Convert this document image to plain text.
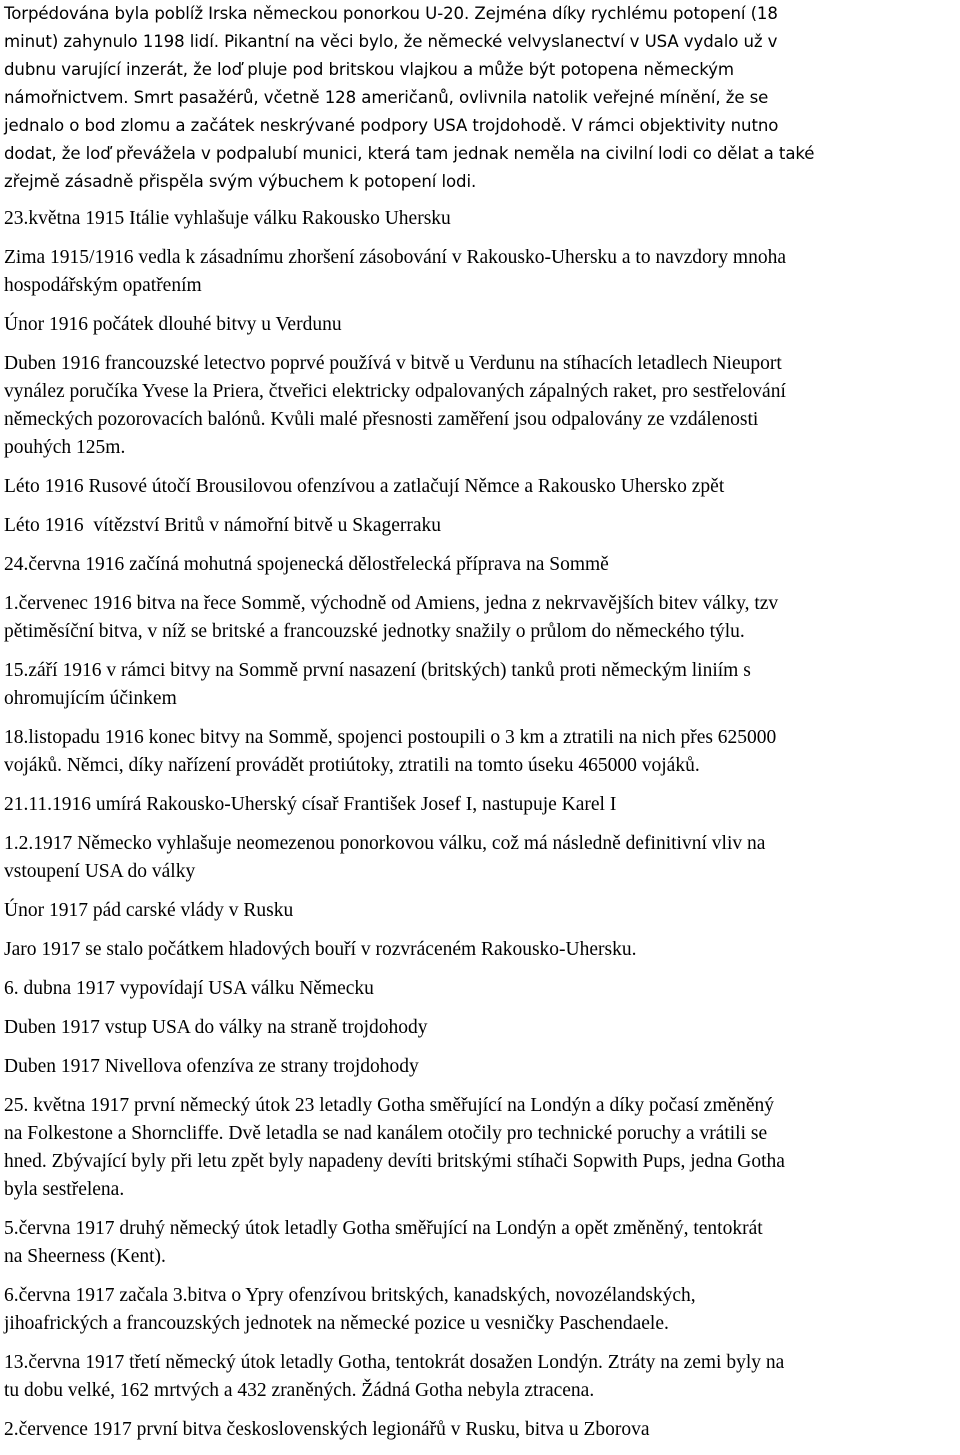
Torpédována byla poblíž Irska německou ponorkou U-20. Zejména díky rychlému potopení (18
minut) zahynulo 1198 lidí. Pikantní na věci bylo, že německé velvyslanectví v USA vydalo už v
dubnu varující inzerát, že loď pluje pod britskou vlajkou a může být potopena německým
námořnictvem. Smrt pasažérů, včetně 128 američanů, ovlivnila natolik veřejné mínění, že se
jednalo o bod zlomu a začátek neskrývané podpory USA trojdohodě. V rámci objektivity nutno
dodat, že loď převážela v podpalubí munici, která tam jednak neměla na civilní lodi co dělat a také
zřejmě zásadně přispěla svým výbuchem k potopení lodi.
23.května 1915 Itálie vyhlašuje válku Rakousko Uhersku
Zima 1915/1916 vedla k zásadnímu zhoršení zásobování v Rakousko-Uhersku a to navzdory mnoha
hospodářským opatřením
Únor 1916 počátek dlouhé bitvy u Verdunu
Duben 1916 francouzské letectvo poprvé používá v bitvě u Verdunu na stíhacích letadlech Nieuport
vynález poručíka Yvese la Priera, čtveřici elektricky odpalovaných zápalných raket, pro sestřelování
německých pozorovacích balónů. Kvůli malé přesnosti zaměření jsou odpalovány ze vzdálenosti
pouhých 125m.
Léto 1916 Rusové útočí Brousilovou ofenzívou a zatlačují Němce a Rakousko Uhersko zpět
Léto 1916  vítězství Britů v námořní bitvě u Skagerraku
24.června 1916 začíná mohutná spojenecká dělostřelecká příprava na Sommě
1.červenec 1916 bitva na řece Sommě, východně od Amiens, jedna z nekrvavějších bitev války, tzv
pětiměsíční bitva, v níž se britské a francouzské jednotky snažily o průlom do německého týlu.
15.září 1916 v rámci bitvy na Sommě první nasazení (britských) tanků proti německým liniím s
ohromujícím účinkem
18.listopadu 1916 konec bitvy na Sommě, spojenci postoupili o 3 km a ztratili na nich přes 625000
vojáků. Němci, díky nařízení provádět protiútoky, ztratili na tomto úseku 465000 vojáků.
21.11.1916 umírá Rakousko-Uherský císař František Josef I, nastupuje Karel I
1.2.1917 Německo vyhlašuje neomezenou ponorkovou válku, což má následně definitivní vliv na
vstoupení USA do války
Únor 1917 pád carské vlády v Rusku
Jaro 1917 se stalo počátkem hladových bouří v rozvráceném Rakousko-Uhersku.
6. dubna 1917 vypovídají USA válku Německu
Duben 1917 vstup USA do války na straně trojdohody
Duben 1917 Nivellova ofenzíva ze strany trojdohody
25. května 1917 první německý útok 23 letadly Gotha směřující na Londýn a díky počasí změněný
na Folkestone a Shorncliffe. Dvě letadla se nad kanálem otočily pro technické poruchy a vrátili se
hned. Zbývající byly při letu zpět byly napadeny devíti britskými stíhači Sopwith Pups, jedna Gotha
byla sestřelena.
5.června 1917 druhý německý útok letadly Gotha směřující na Londýn a opět změněný, tentokrát
na Sheerness (Kent).
6.června 1917 začala 3.bitva o Ypry ofenzívou britských, kanadských, novozélandských,
jihoafrických a francouzských jednotek na německé pozice u vesničky Paschendaele.
13.června 1917 třetí německý útok letadly Gotha, tentokrát dosažen Londýn. Ztráty na zemi byly na
tu dobu velké, 162 mrtvých a 432 zraněných. Žádná Gotha nebyla ztracena.
2.července 1917 první bitva československých legionářů v Rusku, bitva u Zborova
